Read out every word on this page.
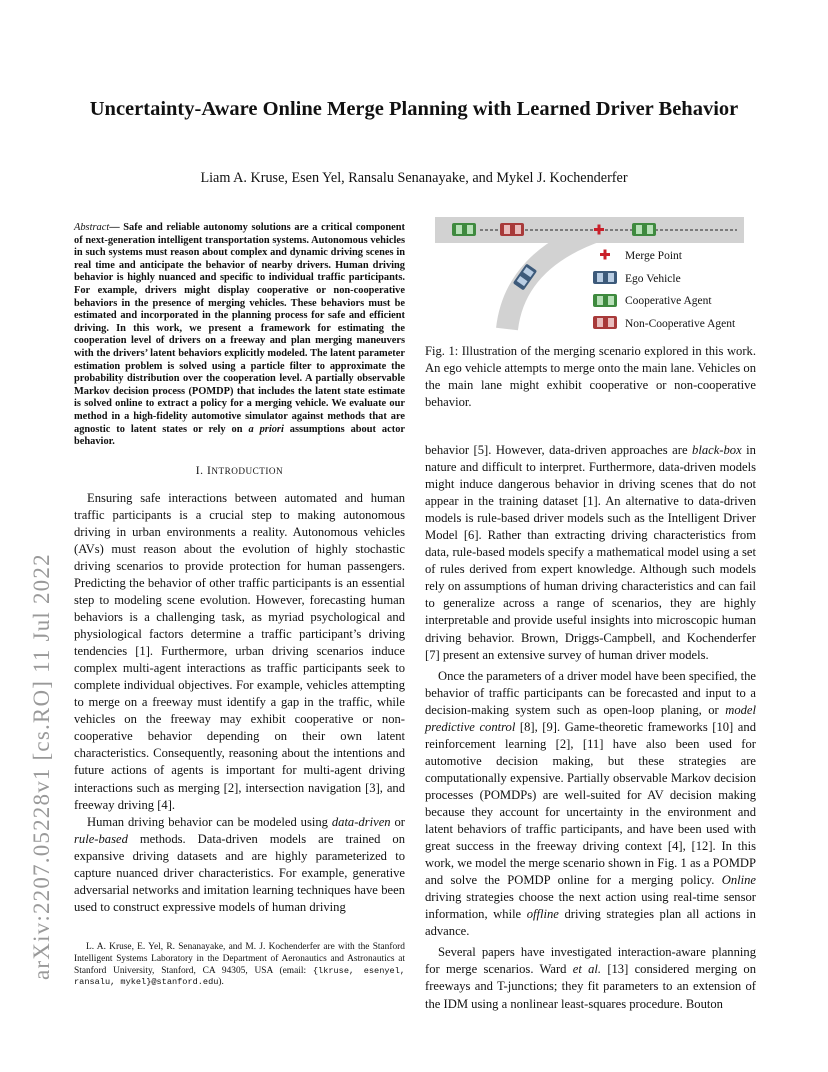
arXiv:2207.05228v1 [cs.RO] 11 Jul 2022
Uncertainty-Aware Online Merge Planning with Learned Driver Behavior
Liam A. Kruse, Esen Yel, Ransalu Senanayake, and Mykel J. Kochenderfer
Abstract— Safe and reliable autonomy solutions are a critical component of next-generation intelligent transportation systems. Autonomous vehicles in such systems must reason about complex and dynamic driving scenes in real time and anticipate the behavior of nearby drivers. Human driving behavior is highly nuanced and specific to individual traffic participants. For example, drivers might display cooperative or non-cooperative behaviors in the presence of merging vehicles. These behaviors must be estimated and incorporated in the planning process for safe and efficient driving. In this work, we present a framework for estimating the cooperation level of drivers on a freeway and plan merging maneuvers with the drivers’ latent behaviors explicitly modeled. The latent parameter estimation problem is solved using a particle filter to approximate the probability distribution over the cooperation level. A partially observable Markov decision process (POMDP) that includes the latent state estimate is solved online to extract a policy for a merging vehicle. We evaluate our method in a high-fidelity automotive simulator against methods that are agnostic to latent states or rely on a priori assumptions about actor behavior.
I. INTRODUCTION

Ensuring safe interactions between automated and human traffic participants is a crucial step to making autonomous driving in urban environments a reality. Autonomous vehicles (AVs) must reason about the evolution of highly stochastic driving scenarios to provide protection for human passengers. Predicting the behavior of other traffic participants is an essential step to modeling scene evolution. However, forecasting human behaviors is a challenging task, as myriad psychological and physiological factors determine a traffic participant’s driving tendencies [1]. Furthermore, urban driving scenarios induce complex multi-agent interactions as traffic participants seek to complete individual objectives. For example, vehicles attempting to merge on a freeway must identify a gap in the traffic, while vehicles on the freeway may exhibit cooperative or non-cooperative behavior depending on their own latent characteristics. Consequently, reasoning about the intentions and future actions of agents is important for multi-agent driving interactions such as merging [2], intersection navigation [3], and freeway driving [4].

Human driving behavior can be modeled using data-driven or rule-based methods. Data-driven models are trained on expansive driving datasets and are highly parameterized to capture nuanced driver characteristics. For example, generative adversarial networks and imitation learning techniques have been used to construct expressive models of human driving

L. A. Kruse, E. Yel, R. Senanayake, and M. J. Kochenderfer are with the Stanford Intelligent Systems Laboratory in the Department of Aeronautics and Astronautics at Stanford University, Stanford, CA 94305, USA (email: {lkruse, esenyel, ransalu, mykel}@stanford.edu).
Merge Point
Ego Vehicle
Cooperative Agent
Non-Cooperative Agent
Fig. 1: Illustration of the merging scenario explored in this work. An ego vehicle attempts to merge onto the main lane. Vehicles on the main lane might exhibit cooperative or non-cooperative behavior.

behavior [5]. However, data-driven approaches are black-box in nature and difficult to interpret. Furthermore, data-driven models might induce dangerous behavior in driving scenes that do not appear in the training dataset [1]. An alternative to data-driven models is rule-based driver models such as the Intelligent Driver Model [6]. Rather than extracting driving characteristics from data, rule-based models specify a mathematical model using a set of rules derived from expert knowledge. Although such models rely on assumptions of human driving characteristics and can fail to generalize across a range of scenarios, they are highly interpretable and provide useful insights into microscopic human driving behavior. Brown, Driggs-Campbell, and Kochenderfer [7] present an extensive survey of human driver models.

Once the parameters of a driver model have been specified, the behavior of traffic participants can be forecasted and input to a decision-making system such as open-loop planing, or model predictive control [8], [9]. Game-theoretic frameworks [10] and reinforcement learning [2], [11] have also been used for automotive decision making, but these strategies are computationally expensive. Partially observable Markov decision processes (POMDPs) are well-suited for AV decision making because they account for uncertainty in the environment and latent behaviors of traffic participants, and have been used with great success in the freeway driving context [4], [12]. In this work, we model the merge scenario shown in Fig. 1 as a POMDP and solve the POMDP online for a merging policy. Online driving strategies choose the next action using real-time sensor information, while offline driving strategies plan all actions in advance.

Several papers have investigated interaction-aware planning for merge scenarios. Ward et al. [13] considered merging on freeways and T-junctions; they fit parameters to an extension of the IDM using a nonlinear least-squares procedure. Bouton
